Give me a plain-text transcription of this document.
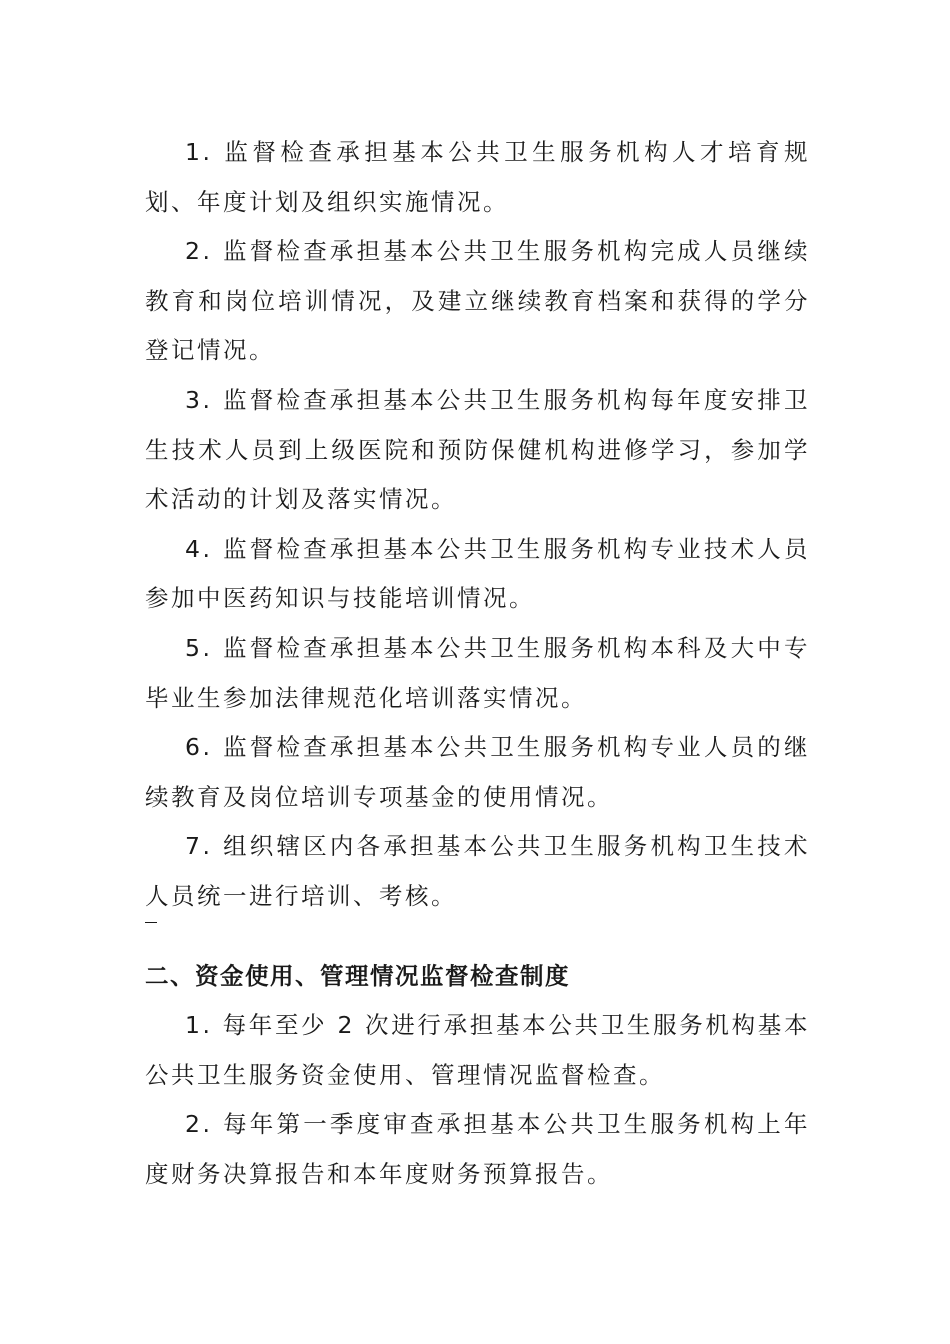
1. 监督检查承担基本公共卫生服务机构人才培育规划、年度计划及组织实施情况。

2. 监督检查承担基本公共卫生服务机构完成人员继续教育和岗位培训情况，及建立继续教育档案和获得的学分登记情况。

3. 监督检查承担基本公共卫生服务机构每年度安排卫生技术人员到上级医院和预防保健机构进修学习，参加学术活动的计划及落实情况。

4. 监督检查承担基本公共卫生服务机构专业技术人员参加中医药知识与技能培训情况。

5. 监督检查承担基本公共卫生服务机构本科及大中专毕业生参加法律规范化培训落实情况。

6. 监督检查承担基本公共卫生服务机构专业人员的继续教育及岗位培训专项基金的使用情况。

7. 组织辖区内各承担基本公共卫生服务机构卫生技术人员统一进行培训、考核。

二、资金使用、管理情况监督检查制度

1. 每年至少 2 次进行承担基本公共卫生服务机构基本公共卫生服务资金使用、管理情况监督检查。

2. 每年第一季度审查承担基本公共卫生服务机构上年度财务决算报告和本年度财务预算报告。
